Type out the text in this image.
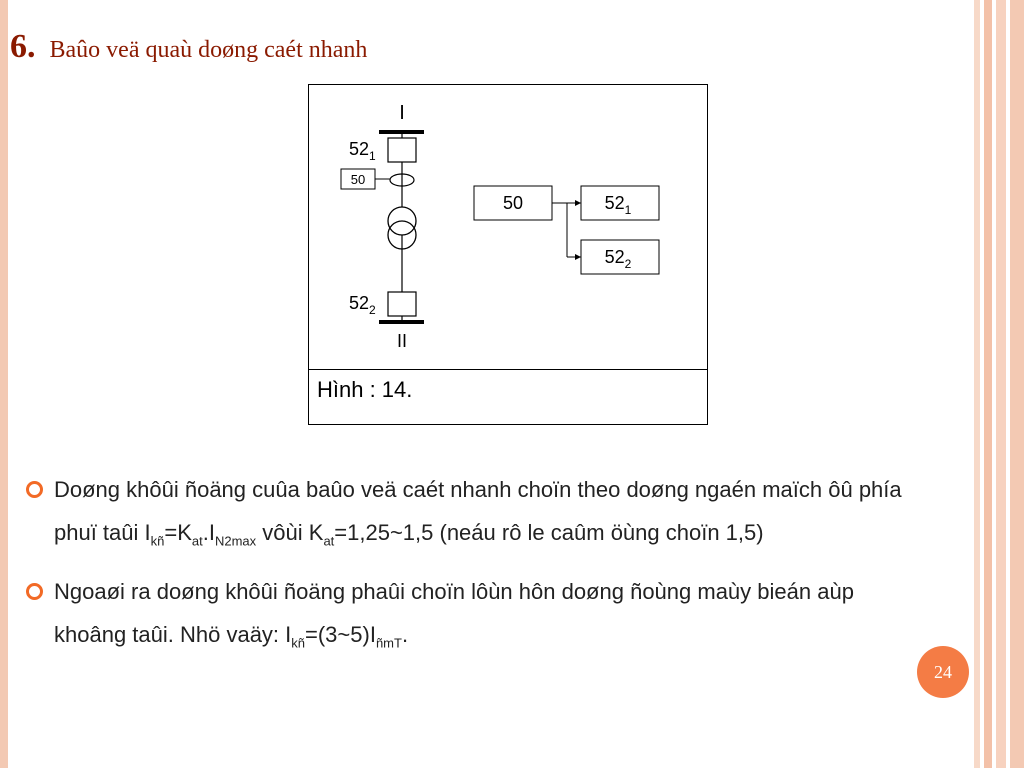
6. Baûo veä quaù doøng caét nhanh
I
$52_1$
50
$52_2$
II
50	$52_1$
$52_2$
Hình : 14.
Doøng khôûi ñoäng cuûa baûo veä caét nhanh choïn theo doøng ngaén maïch ôû phía phuï taûi $I_{kñ}=K_{at}.I_{N2max}$ vôùi $K_{at}=1,25\sim 1,5$ (neáu rô le caûm öùng choïn 1,5)
Ngoaøi ra doøng khôûi ñoäng phaûi choïn lôùn hôn doøng ñoùng maùy bieán aùp khoâng taûi. Nhö vaäy: $I_{kñ}=(3\sim 5)I_{ñmT}$.
24
